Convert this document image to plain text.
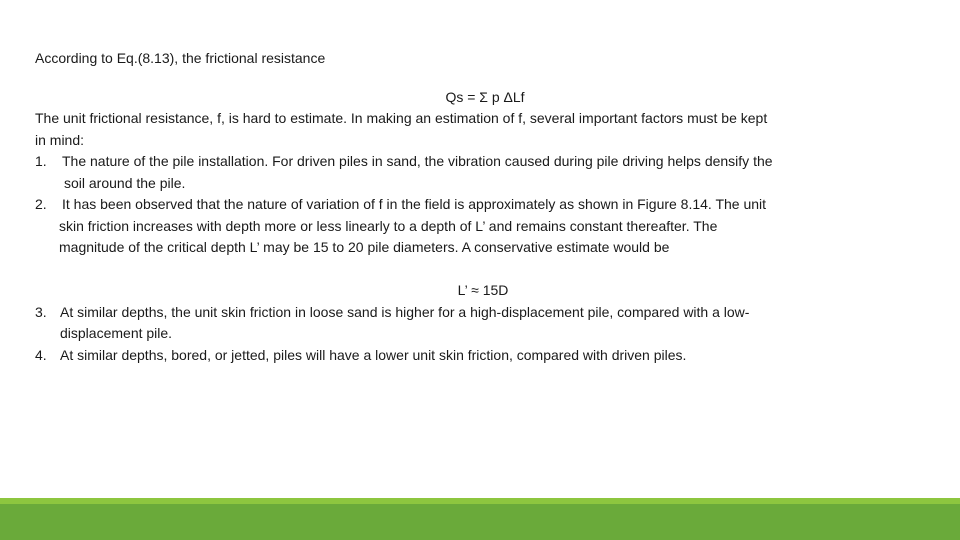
According to Eq.(8.13), the frictional resistance
Qs = Σ p ΔLf
The unit frictional resistance, f, is hard to estimate. In making an estimation of f, several important factors must be kept
in mind:
1.	The nature of the pile installation. For driven piles in sand, the vibration caused during pile driving helps densify the
soil around the pile.
2.	It has been observed that the nature of variation of f in the field is approximately as shown in Figure 8.14. The unit
skin friction increases with depth more or less linearly to a depth of L’ and remains constant thereafter. The
magnitude of the critical depth L’ may be 15 to 20 pile diameters. A conservative estimate would be
L’ ≈ 15D
3. At similar depths, the unit skin friction in loose sand is higher for a high-displacement pile, compared with a low-
displacement pile.
4. At similar depths, bored, or jetted, piles will have a lower unit skin friction, compared with driven piles.
